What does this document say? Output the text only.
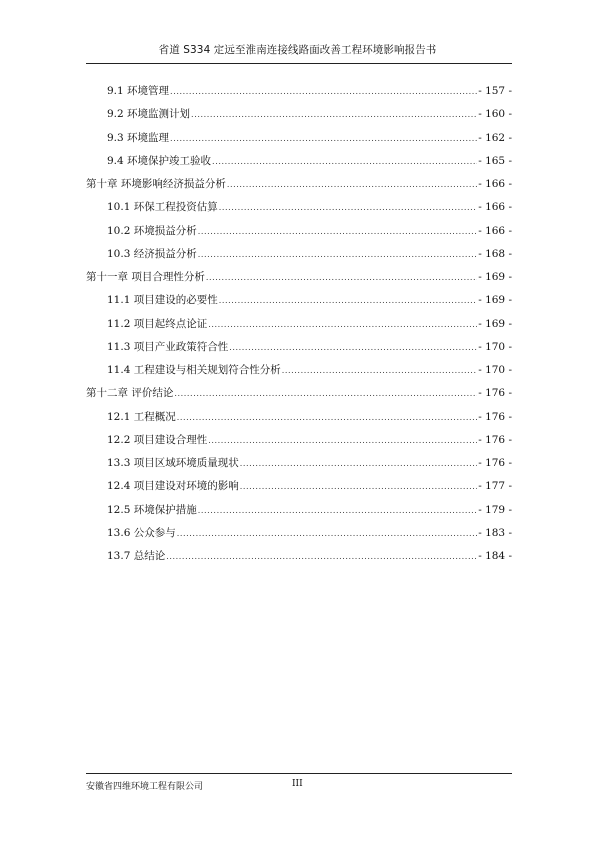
省道 S334 定远至淮南连接线路面改善工程环境影响报告书
9.1 环境管理 .....	- 157 -
9.2 环境监测计划 .....	- 160 -
9.3 环境监理 .....	- 162 -
9.4 环境保护竣工验收 .....	- 165 -
第十章 环境影响经济损益分析 .....	- 166 -
10.1 环保工程投资估算 .....	- 166 -
10.2 环境损益分析 .....	- 166 -
10.3 经济损益分析 .....	- 168 -
第十一章 项目合理性分析 .....	- 169 -
11.1 项目建设的必要性 .....	- 169 -
11.2 项目起终点论证 .....	- 169 -
11.3 项目产业政策符合性 .....	- 170 -
11.4 工程建设与相关规划符合性分析 .....	- 170 -
第十二章 评价结论 .....	- 176 -
12.1 工程概况 .....	- 176 -
12.2 项目建设合理性 .....	- 176 -
13.3 项目区域环境质量现状 .....	- 176 -
12.4 项目建设对环境的影响 .....	- 177 -
12.5 环境保护措施 .....	- 179 -
13.6 公众参与 .....	- 183 -
13.7 总结论 .....	- 184 -
安徽省四维环境工程有限公司	III
